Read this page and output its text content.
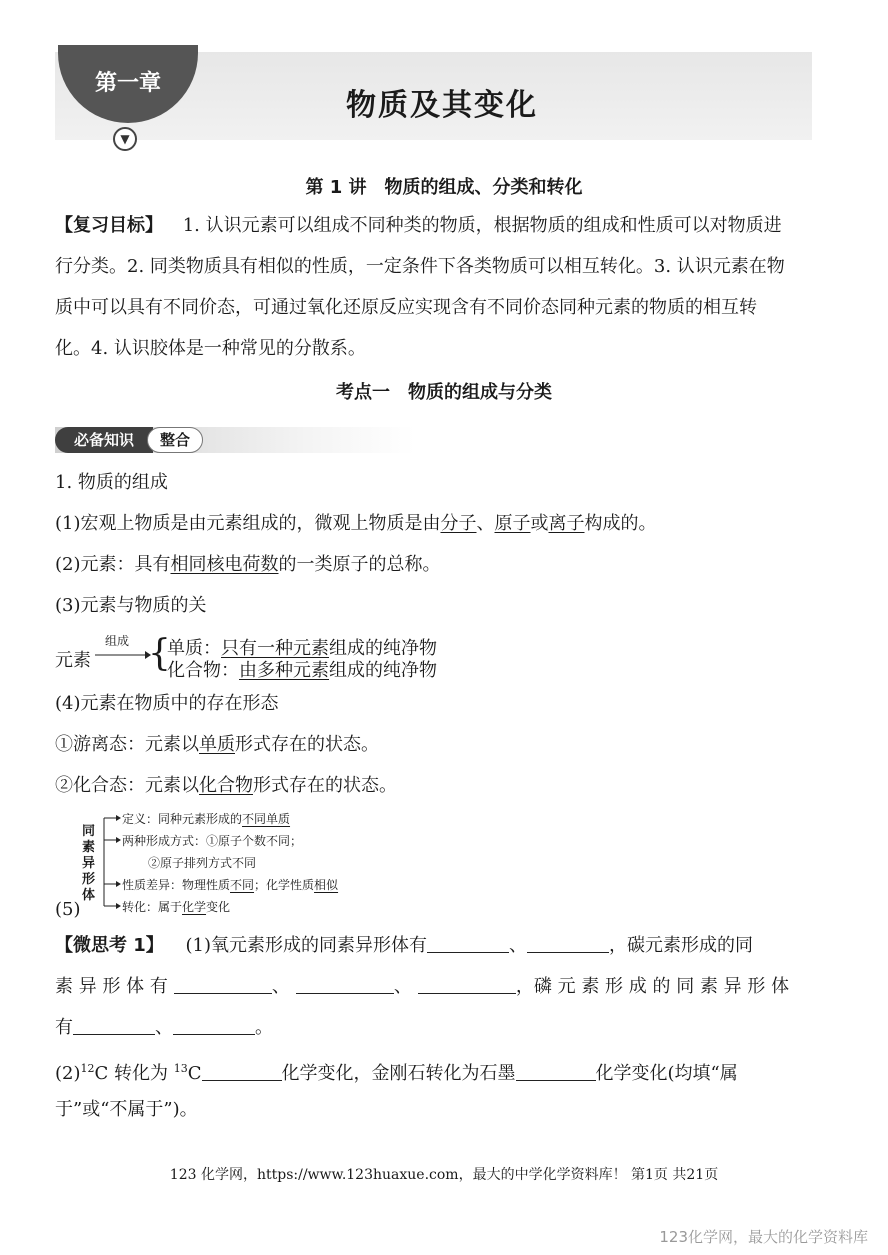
第一章
▼
物质及其变化
第 1 讲　物质的组成、分类和转化
【复习目标】 1. 认识元素可以组成不同种类的物质，根据物质的组成和性质可以对物质进
行分类。2. 同类物质具有相似的性质，一定条件下各类物质可以相互转化。3. 认识元素在物
质中可以具有不同价态，可通过氧化还原反应实现含有不同价态同种元素的物质的相互转
化。4. 认识胶体是一种常见的分散系。
考点一　物质的组成与分类
必备知识	整合
1. 物质的组成
(1)宏观上物质是由元素组成的，微观上物质是由分子、原子或离子构成的。
(2)元素：具有相同核电荷数的一类原子的总称。
(3)元素与物质的关
元素
组成 {
单质：只有一种元素组成的纯净物
化合物：由多种元素组成的纯净物
(4)元素在物质中的存在形态
①游离态：元素以单质形式存在的状态。
②化合态：元素以化合物形式存在的状态。
同
素
异
形
体
定义：同种元素形成的不同单质
两种形成方式：①原子个数不同；
②原子排列方式不同
性质差异：物理性质不同；化学性质相似
转化：属于化学变化
(5)
【微思考 1】 (1)氧元素形成的同素异形体有	、	，碳元素形成的同
素 异 形 体 有	、	、	，磷 元 素 形 成 的 同 素 异 形 体
有	、	。
$(2)^{12}C$ 转化为 $^{13}$C	化学变化，金刚石转化为石墨	化学变化(均填“属
于”或“不属于”)。
123 化学网，https://www.123huaxue.com，最大的中学化学资料库！ 第1页 共21页
123化学网，最大的化学资料库
